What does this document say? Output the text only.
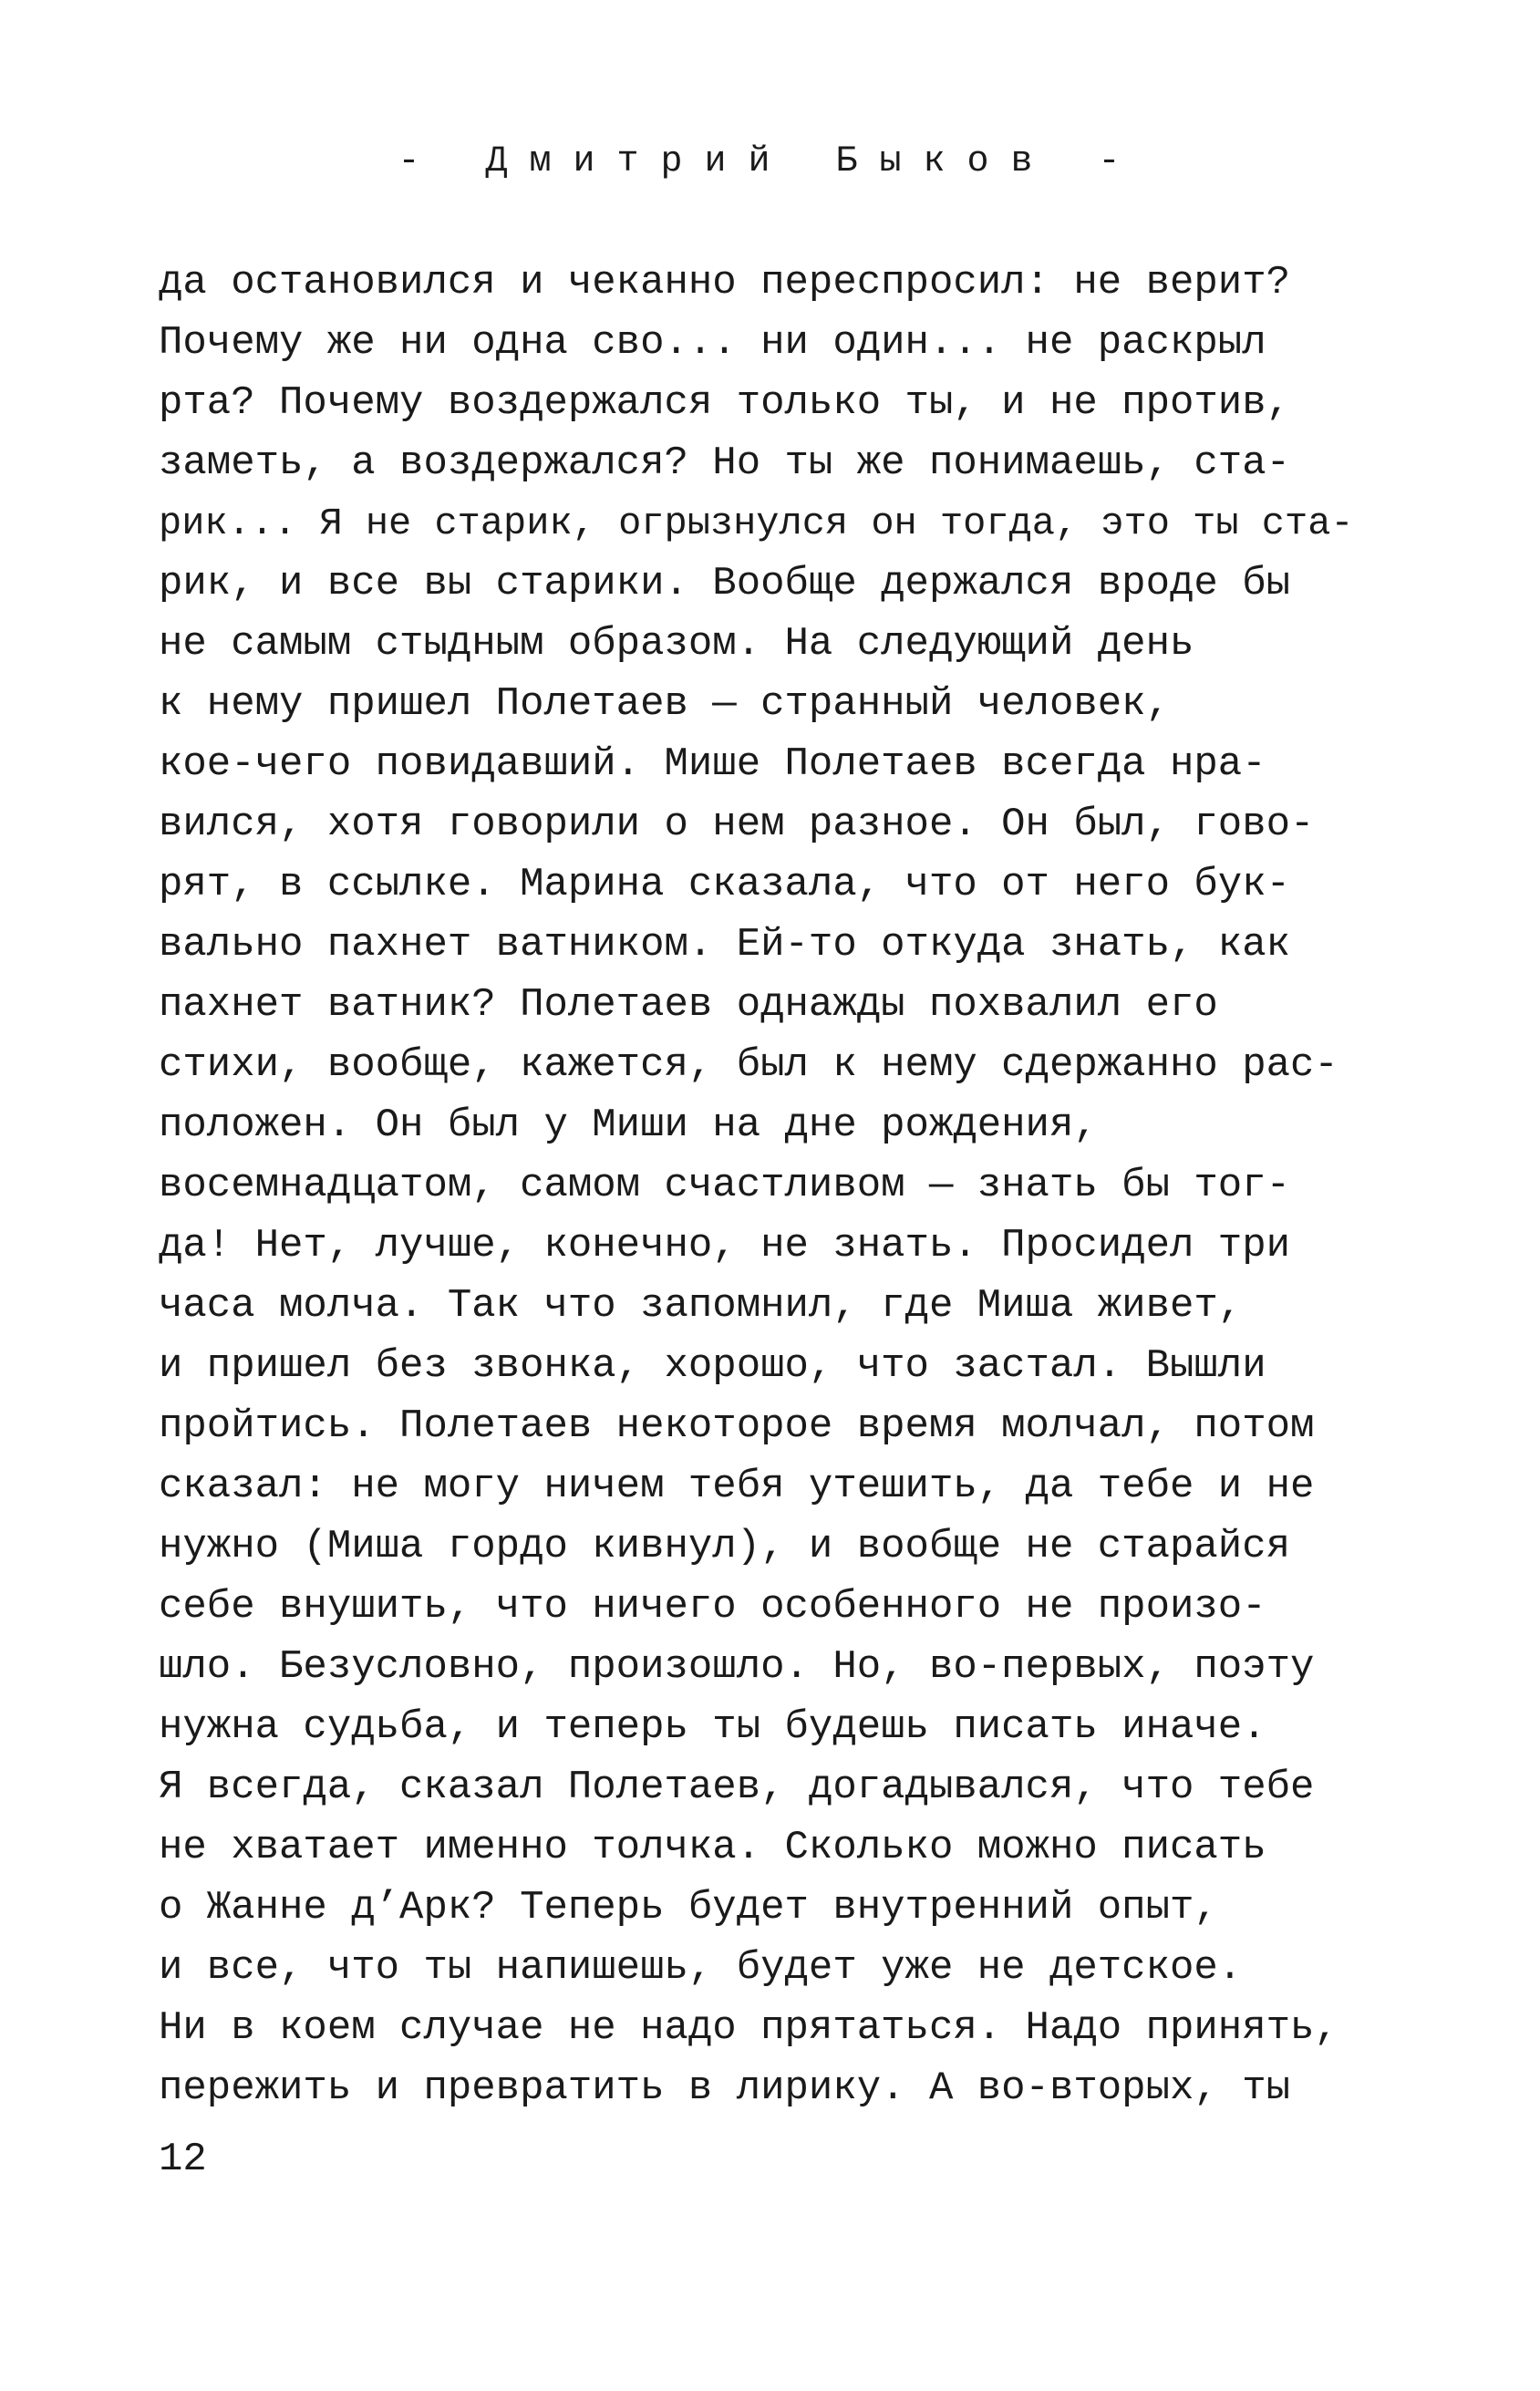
- Дмитрий Быков -
да остановился и чеканно переспросил: не верит?
Почему же ни одна сво... ни один... не раскрыл
рта? Почему воздержался только ты, и не против,
заметь, а воздержался? Но ты же понимаешь, ста-
рик... Я не старик, огрызнулся он тогда, это ты ста-
рик, и все вы старики. Вообще держался вроде бы
не самым стыдным образом. На следующий день
к нему пришел Полетаев — странный человек,
кое-чего повидавший. Мише Полетаев всегда нра-
вился, хотя говорили о нем разное. Он был, гово-
рят, в ссылке. Марина сказала, что от него бук-
вально пахнет ватником. Ей-то откуда знать, как
пахнет ватник? Полетаев однажды похвалил его
стихи, вообще, кажется, был к нему сдержанно рас-
положен. Он был у Миши на дне рождения,
восемнадцатом, самом счастливом — знать бы тог-
да! Нет, лучше, конечно, не знать. Просидел три
часа молча. Так что запомнил, где Миша живет,
и пришел без звонка, хорошо, что застал. Вышли
пройтись. Полетаев некоторое время молчал, потом
сказал: не могу ничем тебя утешить, да тебе и не
нужно (Миша гордо кивнул), и вообще не старайся
себе внушить, что ничего особенного не произо-
шло. Безусловно, произошло. Но, во-первых, поэту
нужна судьба, и теперь ты будешь писать иначе.
Я всегда, сказал Полетаев, догадывался, что тебе
не хватает именно толчка. Сколько можно писать
о Жанне д’Арк? Теперь будет внутренний опыт,
и все, что ты напишешь, будет уже не детское.
Ни в коем случае не надо прятаться. Надо принять,
пережить и превратить в лирику. А во-вторых, ты
12
